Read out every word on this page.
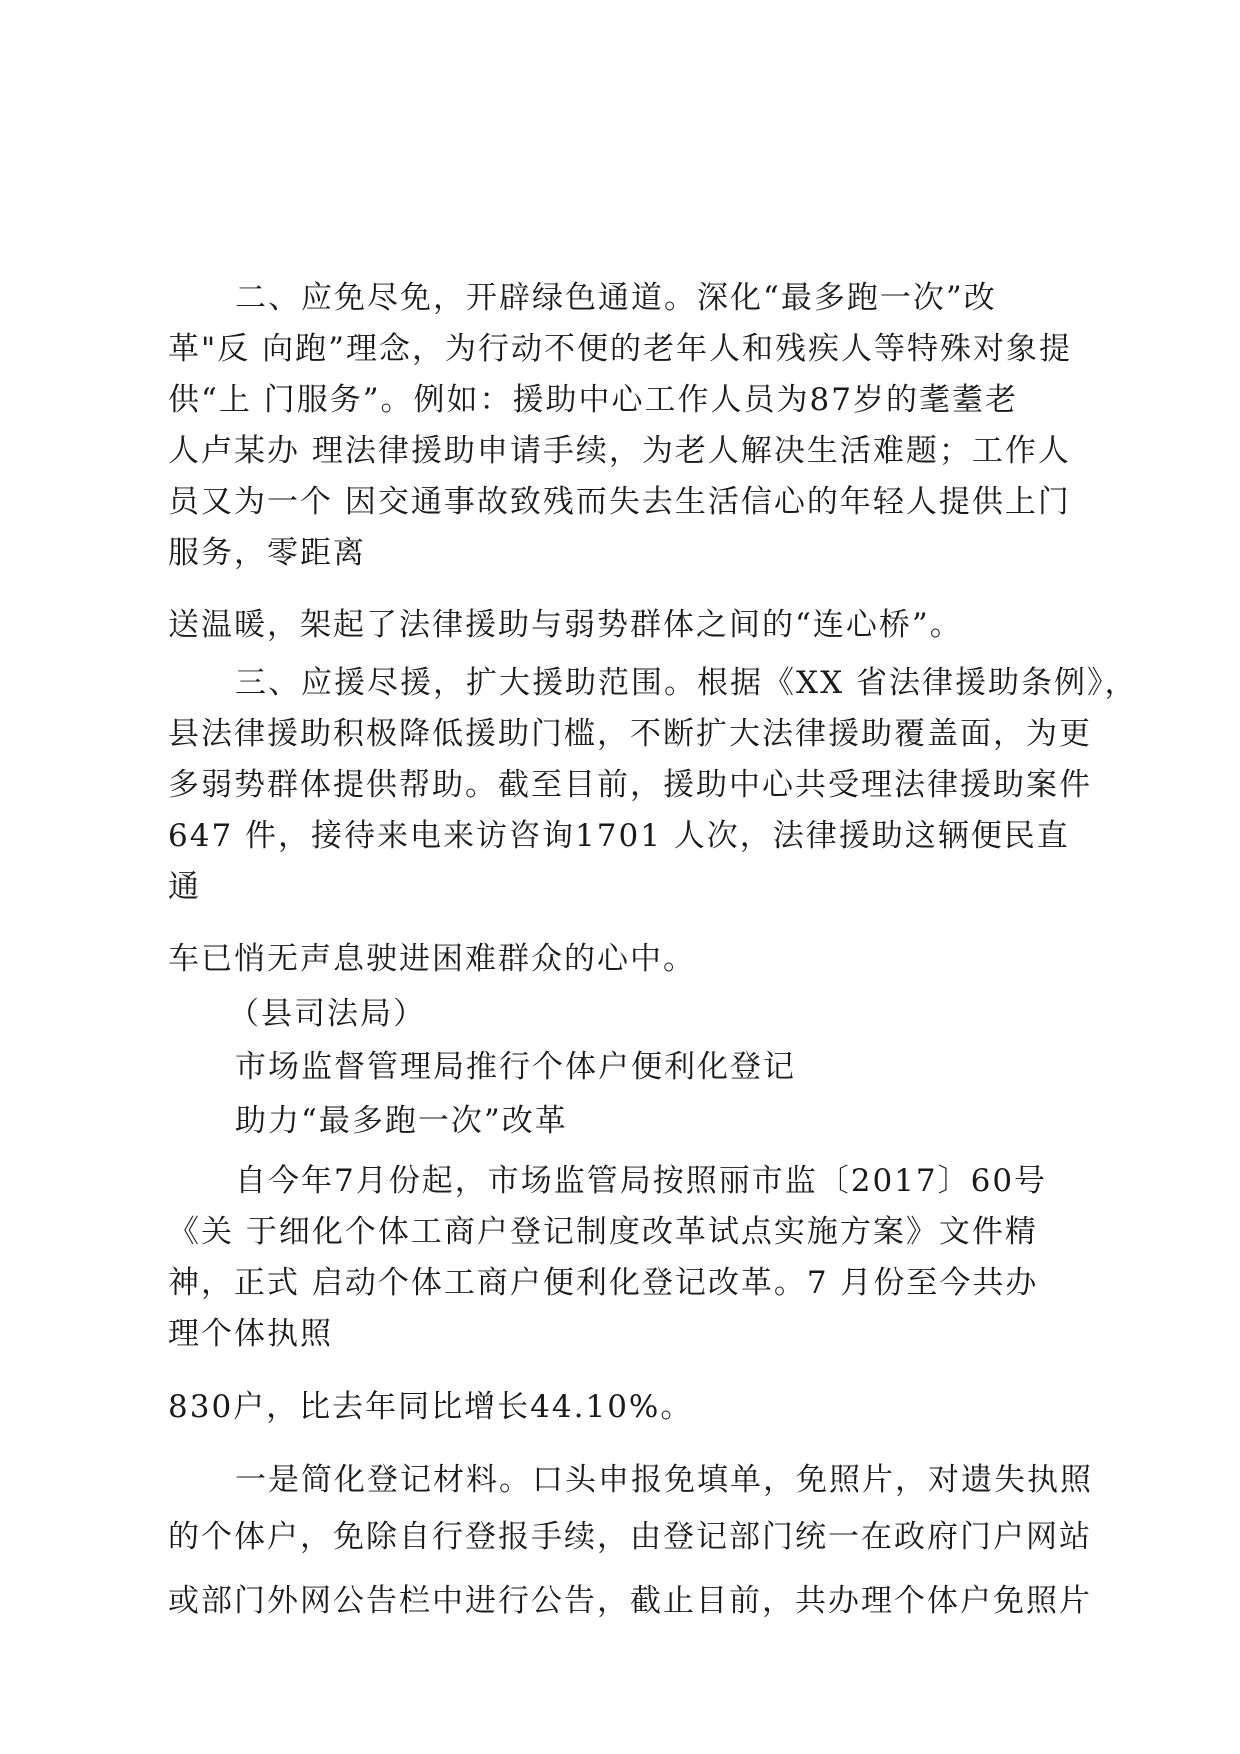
二、应免尽免，开辟绿色通道。深化“最多跑一次”改
革"反 向跑”理念，为行动不便的老年人和残疾人等特殊对象提
供“上 门服务”。例如：援助中心工作人员为87岁的耄耋老
人卢某办 理法律援助申请手续，为老人解决生活难题；工作人
员又为一个 因交通事故致残而失去生活信心的年轻人提供上门
服务，零距离
送温暖，架起了法律援助与弱势群体之间的“连心桥”。
三、应援尽援，扩大援助范围。根据《XX 省法律援助条例》，
县法律援助积极降低援助门槛，不断扩大法律援助覆盖面，为更
多弱势群体提供帮助。截至目前，援助中心共受理法律援助案件
647 件，接待来电来访咨询1701 人次，法律援助这辆便民直
通
车已悄无声息驶进困难群众的心中。
（县司法局）
市场监督管理局推行个体户便利化登记
助力“最多跑一次”改革
自今年7月份起，市场监管局按照丽市监〔2017〕60号
《关 于细化个体工商户登记制度改革试点实施方案》文件精
神，正式 启动个体工商户便利化登记改革。7 月份至今共办
理个体执照
830户，比去年同比增长44.10%。
一是简化登记材料。口头申报免填单，免照片，对遗失执照
的个体户，免除自行登报手续，由登记部门统一在政府门户网站
或部门外网公告栏中进行公告，截止目前，共办理个体户免照片
